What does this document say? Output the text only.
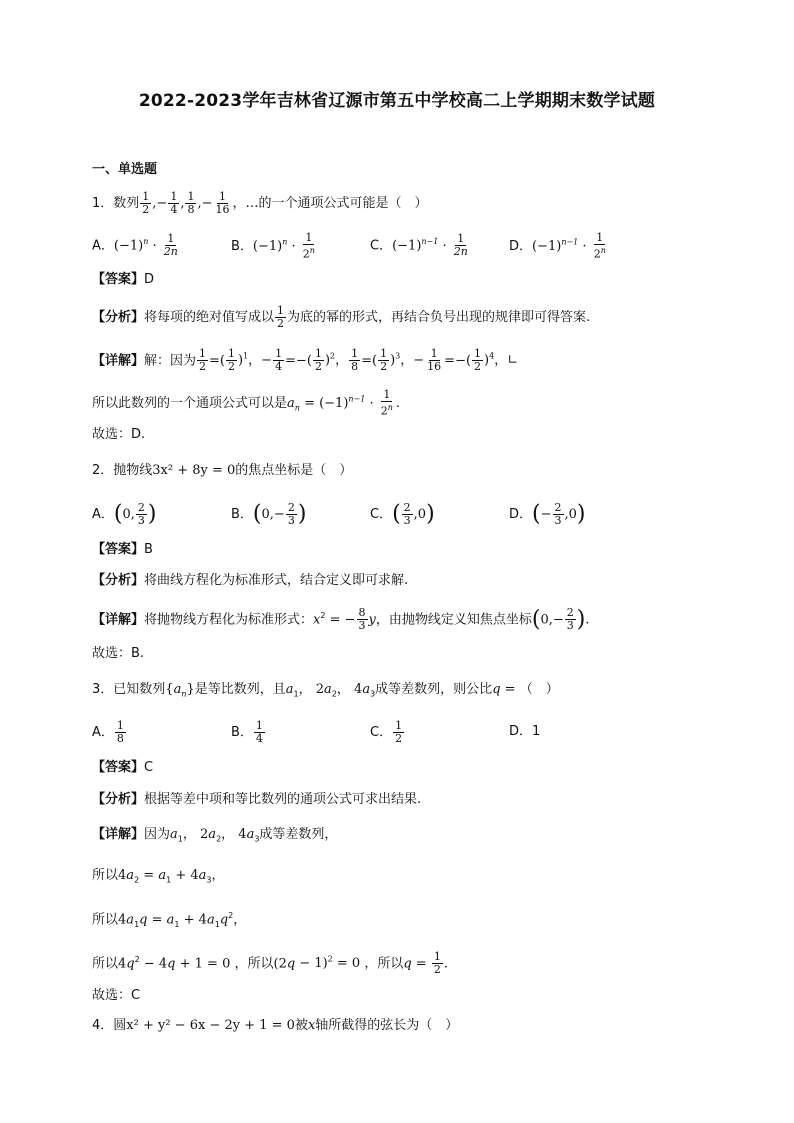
2022-2023学年吉林省辽源市第五中学校高二上学期期末数学试题
一、单选题
1．数列 $\frac{1}{2}$ ,− $\frac{1}{4}$ , $\frac{1}{8}$ ,− $\frac{1}{16}$ ，…的一个通项公式可能是（　）
A．$(-1)^n \cdot \frac{1}{2n}$	B．$(-1)^n \cdot \frac{1}{2^n}$	C．$(-1)^{n-1} \cdot \frac{1}{2n}$	D．$(-1)^{n-1} \cdot \frac{1}{2^n}$
【答案】D
【分析】将每项的绝对值写成以 $\frac{1}{2}$ 为底的幂的形式，再结合负号出现的规律即可得答案.
【详解】解：因为 $\frac{1}{2}$ =( $\frac{1}{2} )^1$，− $\frac{1}{4}$ =−( $\frac{1}{2} )^2$， $\frac{1}{8}$ =( $\frac{1}{2} )^3$，− $\frac{1}{16}$ =−( $\frac{1}{2} )^4$，∟
所以此数列的一个通项公式可以是$a_n = (-1)^{n-1} \cdot \frac{1}{2^n}$ .
故选：D.
2．抛物线3x² + 8y = 0的焦点坐标是（　）
A．(0, $\frac{2}{3}$ )	B．($0,- \frac{2}{3}$ )	C．( $\frac{2}{3} ,0$)	D．(− $\frac{2}{3} ,0$)
【答案】B
【分析】将曲线方程化为标准形式，结合定义即可求解.
【详解】将抛物线方程化为标准形式：$x^2$ = − $\frac{8}{3}$ y，由抛物线定义知焦点坐标($0,- \frac{2}{3}$ ).
故选：B.
3．已知数列$\{a_n\}$是等比数列，且$a_1$， $2a_2$， $4a_3$成等差数列，则公比q = （　）
A． $\frac{1}{8}$	B． $\frac{1}{4}$	C． $\frac{1}{2}$	D．1
【答案】C
【分析】根据等差中项和等比数列的通项公式可求出结果.
【详解】因为$a_1$， $2a_2$， $4a_3$成等差数列，
所以$4a_2 = a_1 + 4a_3$，
所以$4a_1q = a_1 + 4a_1q^2$，
所以$4q^2 - 4q + 1 = 0$ ，所以$(2q - 1)^2 = 0$ ，所以$q = \frac{1}{2}$ .
故选：C
4．圆x² + y² − 6x − 2y + 1 = 0被x轴所截得的弦长为（　）
